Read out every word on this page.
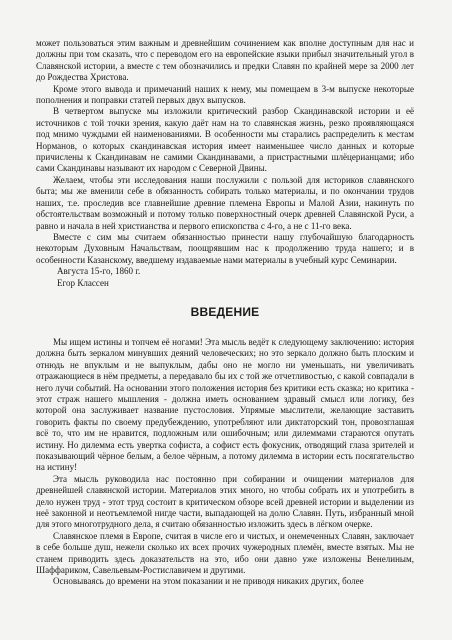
может пользоваться этим важным и древнейшим сочинением как вполне доступным для нас и должны при том сказать, что с переводом его на европейские языки прибыл значительный угол в Славянской истории, а вместе с тем обозначились и предки Славян по крайней мере за 2000 лет до Рождества Христова.

Кроме этого вывода и примечаний наших к нему, мы помещаем в 3-м выпуске некоторые пополнения и поправки статей первых двух выпусков.

В четвертом выпуске мы изложили критический разбор Скандинавской истории и её источников с той точки зрения, какую даёт нам на то славянская жизнь, резко проявляющаяся под мнимо чуждыми ей наименованиями. В особенности мы старались распределить к местам Норманов, о которых скандинавская история имеет наименьшее число данных и которые причислены к Скандинавам не самими Скандинавами, а пристрастными шлёцерианцами; ибо сами Скандинавы называют их народом с Северной Двины.

Желаем, чтобы эти исследования наши послужили с пользой для историков славянского быта; мы же вменили себе в обязанность собирать только материалы, и по окончании трудов наших, т.е. проследив все главнейшие древние племена Европы и Малой Азии, накинуть по обстоятельствам возможный и потому только поверхностный очерк древней Славянской Руси, а равно и начала в ней христианства и первого епископства с 4-го, а не с 11-го века.

Вместе с сим мы считаем обязанностью принести нашу глубочайшую благодарность некоторым Духовным Начальствам, поощрявшим нас к продолжению труда нашего; и в особенности Казанскому, введшему издаваемые нами материалы в учебный курс Семинарии.

Августа 15-го, 1860 г.

Егор Классен

ВВЕДЕНИЕ

Мы ищем истины и топчем её ногами! Эта мысль ведёт к следующему заключению: история должна быть зеркалом минувших деяний человеческих; но это зеркало должно быть плоским и отнюдь не впуклым и не выпуклым, дабы оно не могло ни уменьшать, ни увеличивать отражающиеся в нём предметы, а передавало бы их с той же отчетливостью, с какой совпадали в него лучи событий. На основании этого положения история без критики есть сказка; но критика - этот страж нашего мышления - должна иметь основанием здравый смысл или логику, без которой она заслуживает название пустословия. Упрямые мыслители, желающие заставить говорить факты по своему предубеждению, употребляют или диктаторский тон, провозглашая всё то, что им не нравится, подложным или ошибочным; или дилеммами стараются опутать истину. Но дилемма есть увертка софиста, а софист есть фокусник, отводящий глаза зрителей и показывающий чёрное белым, а белое чёрным, а потому дилемма в истории есть посягательство на истину!

Эта мысль руководила нас постоянно при собирании и очищении материалов для древнейшей славянской истории. Материалов этих много, но чтобы собрать их и употребить в дело нужен труд - этот труд состоит в критическом обзоре всей древней истории и выделении из неё законной и неотъемлемой нигде части, выпадающей на долю Славян. Путь, избранный мной для этого многотрудного дела, я считаю обязанностью изложить здесь в лёгком очерке.

Славянское племя в Европе, считая в числе его и чистых, и онемеченных Славян, заключает в себе больше душ, нежели сколько их всех прочих чужеродных племён, вместе взятых. Мы не станем приводить здесь доказательств на это, ибо они давно уже изложены Венелиным, Шаффариком, Савельевым-Ростиславичем и другими.

Основываясь до времени на этом показании и не приводя никаких других, более
